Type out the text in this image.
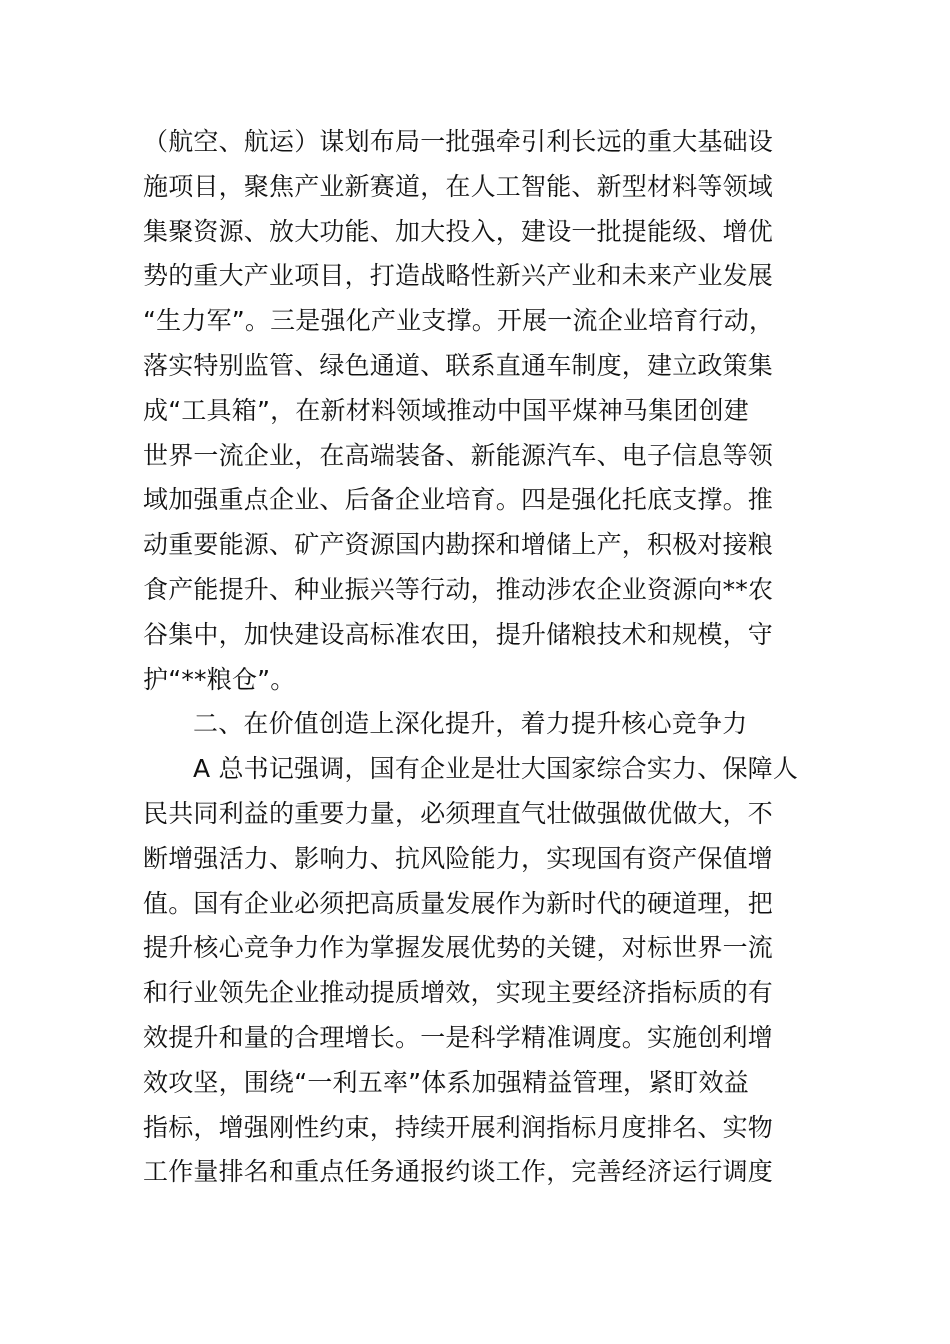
（航空、航运）谋划布局一批强牵引利长远的重大基础设
施项目，聚焦产业新赛道，在人工智能、新型材料等领域
集聚资源、放大功能、加大投入，建设一批提能级、增优
势的重大产业项目，打造战略性新兴产业和未来产业发展
“生力军”。三是强化产业支撑。开展一流企业培育行动，
落实特别监管、绿色通道、联系直通车制度，建立政策集
成“工具箱”，在新材料领域推动中国平煤神马集团创建
世界一流企业，在高端装备、新能源汽车、电子信息等领
域加强重点企业、后备企业培育。四是强化托底支撑。推
动重要能源、矿产资源国内勘探和增储上产，积极对接粮
食产能提升、种业振兴等行动，推动涉农企业资源向**农
谷集中，加快建设高标准农田，提升储粮技术和规模，守
护“**粮仓”。
二、在价值创造上深化提升，着力提升核心竞争力
A 总书记强调，国有企业是壮大国家综合实力、保障人
民共同利益的重要力量，必须理直气壮做强做优做大，不
断增强活力、影响力、抗风险能力，实现国有资产保值增
值。国有企业必须把高质量发展作为新时代的硬道理，把
提升核心竞争力作为掌握发展优势的关键，对标世界一流
和行业领先企业推动提质增效，实现主要经济指标质的有
效提升和量的合理增长。一是科学精准调度。实施创利增
效攻坚，围绕“一利五率”体系加强精益管理，紧盯效益
指标，增强刚性约束，持续开展利润指标月度排名、实物
工作量排名和重点任务通报约谈工作，完善经济运行调度
